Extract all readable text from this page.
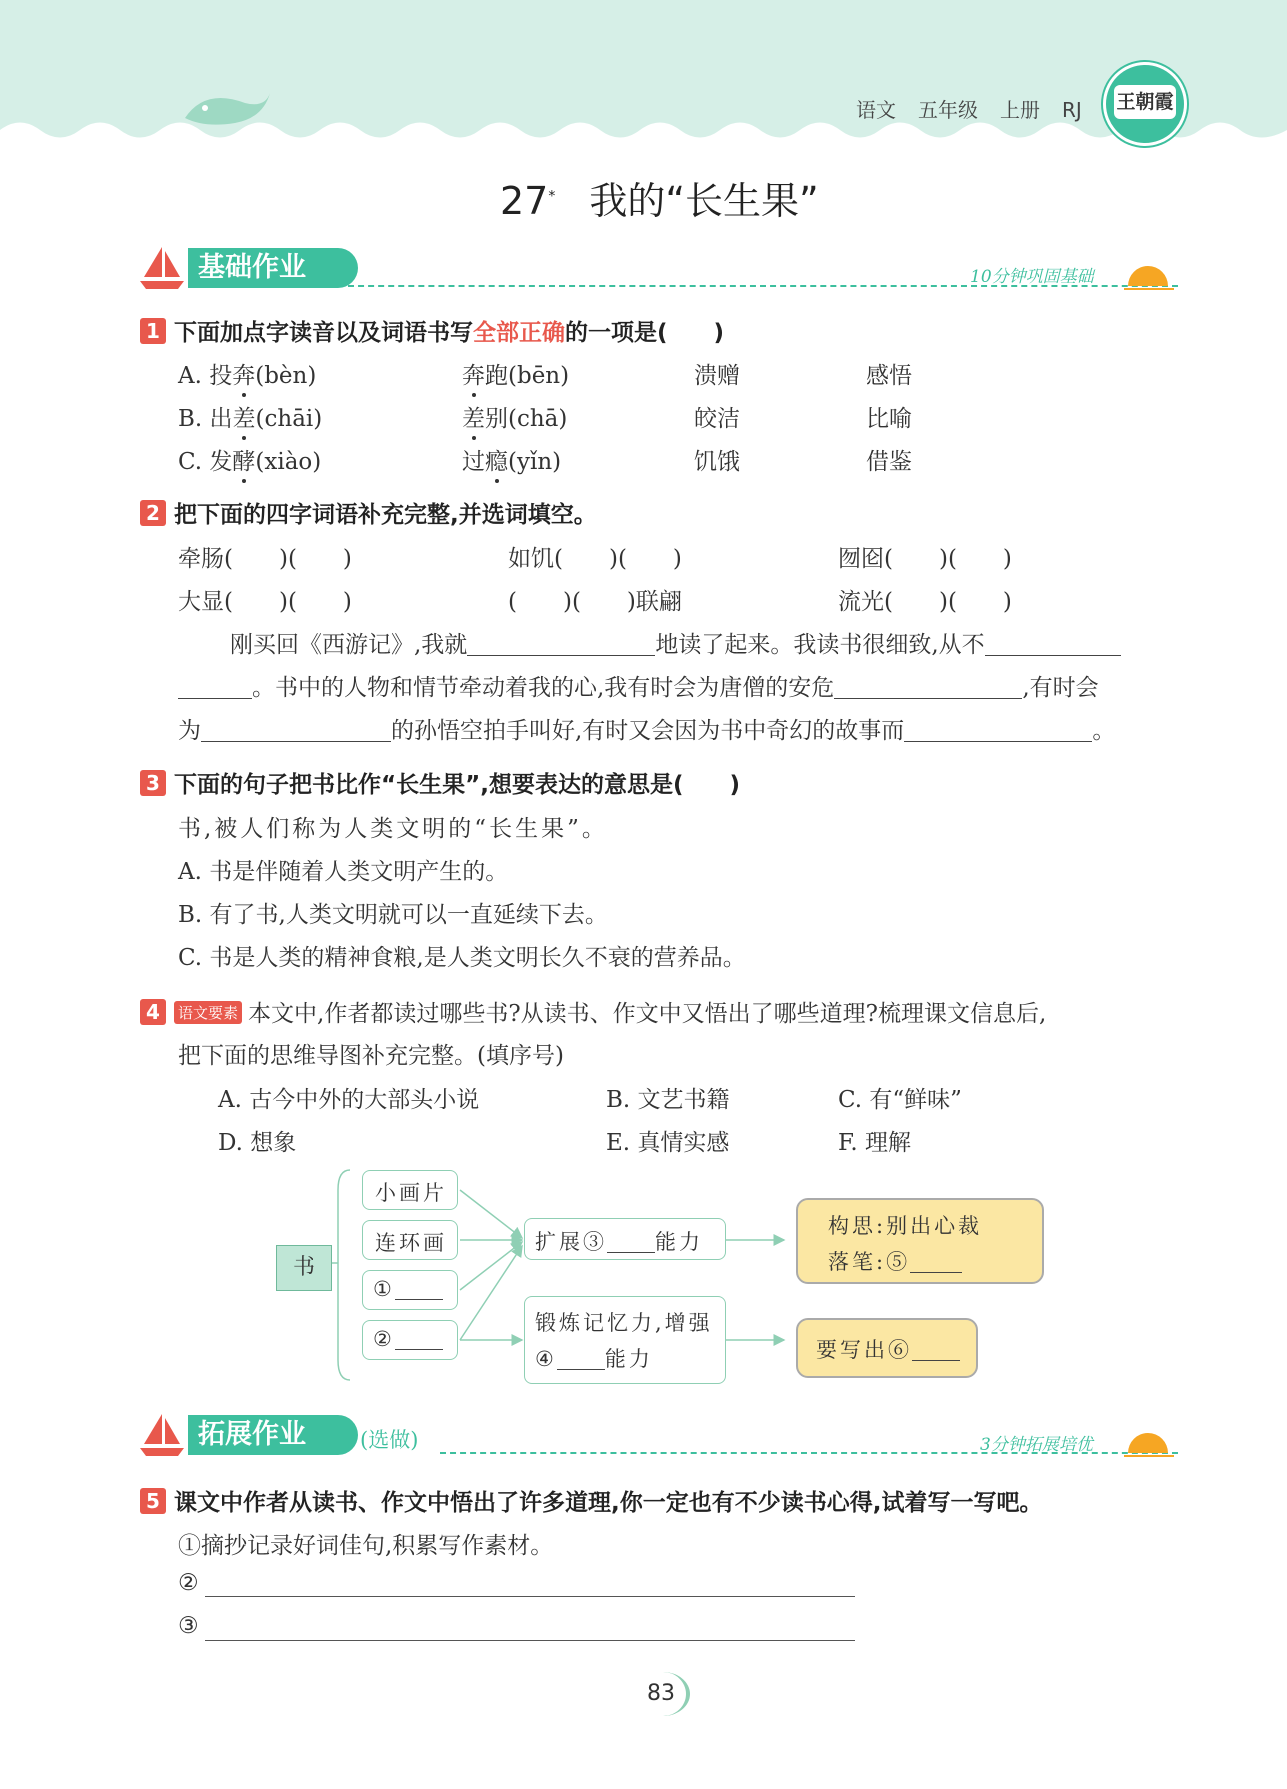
语文 五年级 上册 RJ	王朝霞
27* 我的“长生果”
基础作业	10分钟巩固基础
1 下面加点字读音以及词语书写全部正确的一项是(　　)
A. 投奔(bèn)	奔跑(bēn)	溃赠	感悟
B. 出差(chāi)	差别(chā)	皎洁	比喻
C. 发酵(xiào)	过瘾(yǐn)	饥饿	借鉴
2 把下面的四字词语补充完整,并选词填空。
牵肠(　　)(　　)	如饥(　　)(　　)	囫囵(　　)(　　)
大显(　　)(　　)	(　　)(　　)联翩	流光(　　)(　　)
刚买回《西游记》,我就	地读了起来。我读书很细致,从不
。书中的人物和情节牵动着我的心,我有时会为唐僧的安危	,有时会
为	的孙悟空拍手叫好,有时又会因为书中奇幻的故事而	。
3 下面的句子把书比作“长生果”,想要表达的意思是(　　)
书,被人们称为人类文明的“长生果”。
A. 书是伴随着人类文明产生的。
B. 有了书,人类文明就可以一直延续下去。
C. 书是人类的精神食粮,是人类文明长久不衰的营养品。
4 语文要素 本文中,作者都读过哪些书?从读书、作文中又悟出了哪些道理?梳理课文信息后,
把下面的思维导图补充完整。(填序号)
A. 古今中外的大部头小说	B. 文艺书籍	C. 有“鲜味”
D. 想象	E. 真情实感	F. 理解
书
小画片
连环画
①
②
扩展③ 能力
锻炼记忆力,增强
④ 能力
构思:别出心裁
落笔:⑤
要写出⑥
拓展作业	(选做)	3分钟拓展培优
5 课文中作者从读书、作文中悟出了许多道理,你一定也有不少读书心得,试着写一写吧。
①摘抄记录好词佳句,积累写作素材。
②
③
83
